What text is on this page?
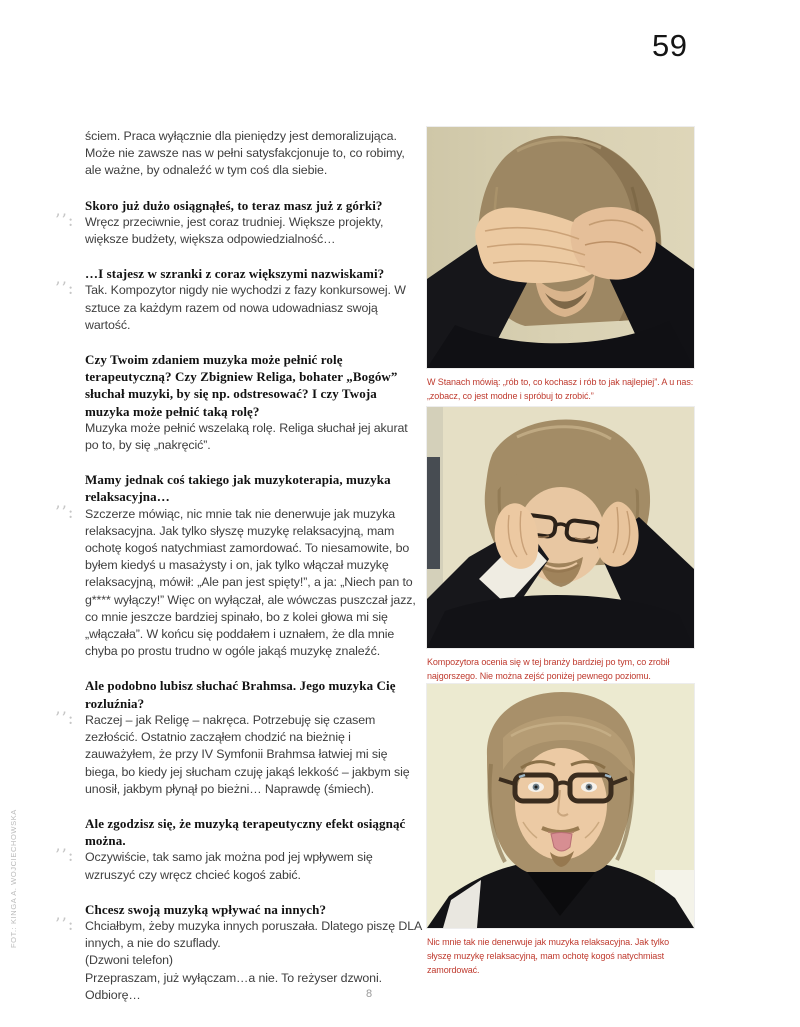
59
FOT.: KINGA A. WOJCIECHOWSKA

ściem. Praca wyłącznie dla pieniędzy jest demoralizująca. Może nie zawsze nas w pełni satysfakcjonuje to, co robimy, ale ważne, by odnaleźć w tym coś dla siebie.

Skoro już dużo osiągnąłeś, to teraz masz już z górki?
’’: Wręcz przeciwnie, jest coraz trudniej. Większe projekty, większe budżety, większa odpowiedzialność…

…I stajesz w szranki z coraz większymi nazwiskami?
’’: Tak. Kompozytor nigdy nie wychodzi z fazy konkursowej. W sztuce za każdym razem od nowa udowadniasz swoją wartość.

Czy Twoim zdaniem muzyka może pełnić rolę terapeutyczną? Czy Zbigniew Religa, bohater „Bogów” słuchał muzyki, by się np. odstresować? I czy Twoja muzyka może pełnić taką rolę?

Muzyka może pełnić wszelaką rolę. Religa słuchał jej akurat po to, by się „nakręcić”.

Mamy jednak coś takiego jak muzykoterapia, muzyka relaksacyjna…
’’: Szczerze mówiąc, nic mnie tak nie denerwuje jak muzyka relaksacyjna. Jak tylko słyszę muzykę relaksacyjną, mam ochotę kogoś natychmiast zamordować. To niesamowite, bo byłem kiedyś u masażysty i on, jak tylko włączał muzykę relaksacyjną, mówił: „Ale pan jest spięty!”, a ja: „Niech pan to g**** wyłączy!” Więc on wyłączał, ale wówczas puszczał jazz, co mnie jeszcze bardziej spinało, bo z kolei głowa mi się „włączała”. W końcu się poddałem i uznałem, że dla mnie chyba po prostu trudno w ogóle jakąś muzykę znaleźć.

Ale podobno lubisz słuchać Brahmsa. Jego muzyka Cię rozluźnia?
’’: Raczej – jak Religę – nakręca. Potrzebuję się czasem zezłościć. Ostatnio zacząłem chodzić na bieżnię i zauważyłem, że przy IV Symfonii Brahmsa łatwiej mi się biega, bo kiedy jej słucham czuję jakąś lekkość – jakbym się unosił, jakbym płynął po bieżni… Naprawdę (śmiech).

Ale zgodzisz się, że muzyką terapeutyczny efekt osiągnąć można.
’’: Oczywiście, tak samo jak można pod jej wpływem się wzruszyć czy wręcz chcieć kogoś zabić.

Chcesz swoją muzyką wpływać na innych?
’’: Chciałbym, żeby muzyka innych poruszała. Dlatego piszę DLA innych, a nie do szuflady.

(Dzwoni telefon)

Przepraszam, już wyłączam…a nie. To reżyser dzwoni. Odbiorę…	8

W Stanach mówią: „rób to, co kochasz i rób to jak najlepiej”. A u nas: „zobacz, co jest modne i spróbuj to zrobić.”
Kompozytora ocenia się w tej branży bardziej po tym, co zrobił najgorszego. Nie można zejść poniżej pewnego poziomu.
Nic mnie tak nie denerwuje jak muzyka relaksacyjna. Jak tylko słyszę muzykę relaksacyjną, mam ochotę kogoś natychmiast zamordować.
